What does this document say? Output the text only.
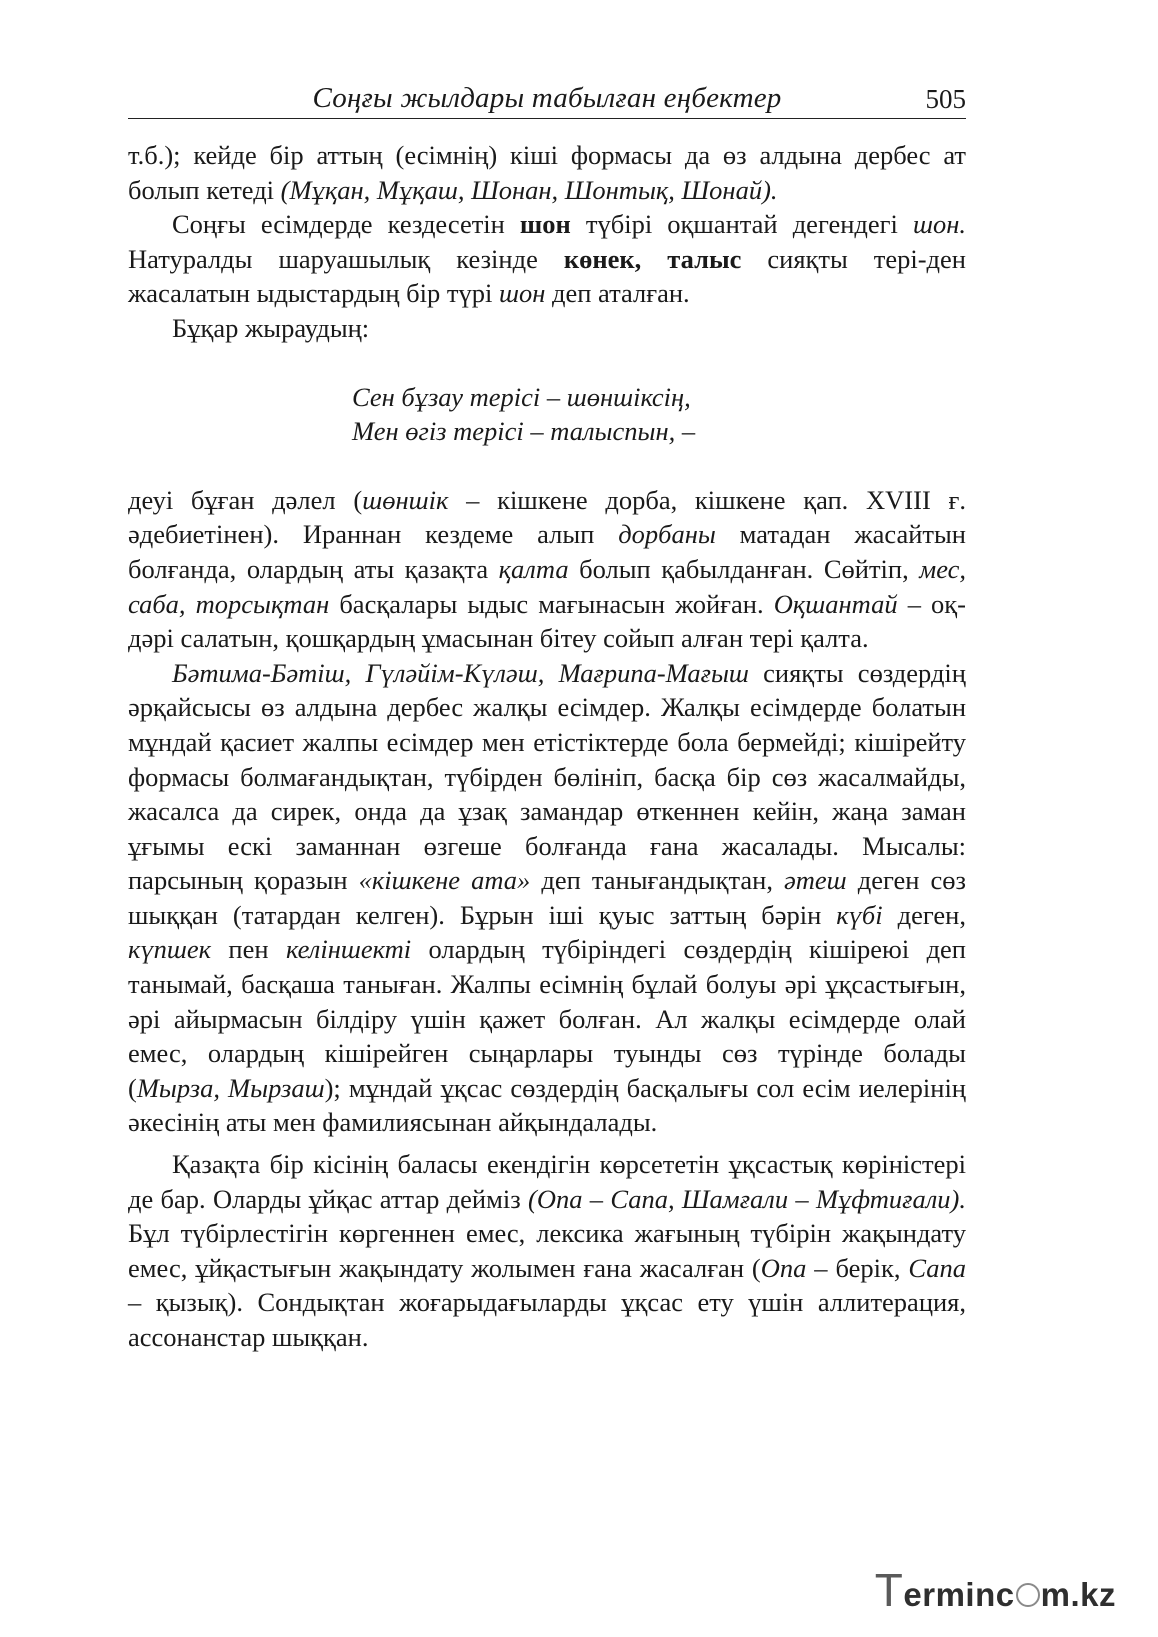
Соңғы жылдары табылған еңбектер	505

т.б.); кейде бір аттың (есімнің) кіші формасы да өз алдына дербес ат болып кетеді (Мұқан, Мұқаш, Шонан, Шонтық, Шонай).

Соңғы есімдерде кездесетін шон түбірі оқшантай дегендегі шон. Натуралды шаруашылық кезінде көнек, талыс сияқты тері-ден жасалатын ыдыстардың бір түрі шон деп аталған.

Бұқар жыраудың:

Сен бұзау терісі – шөншіксің,
Мен өгіз терісі – талыспын, –

деуі бұған дәлел (шөншік – кішкене дорба, кішкене қап. XVIII ғ. әдебиетінен). Ираннан кездеме алып дорбаны матадан жасайтын болғанда, олардың аты қазақта қалта болып қабылданған. Сөйтіп, мес, саба, торсықтан басқалары ыдыс мағынасын жойған. Оқшантай – оқ-дәрі салатын, қошқардың ұмасынан бітеу сойып алған тері қалта.

Бәтима-Бәтіш, Гүләйім-Күләш, Мағрипа-Мағыш сияқты сөздердің әрқайсысы өз алдына дербес жалқы есімдер. Жалқы есімдерде болатын мұндай қасиет жалпы есімдер мен етістіктерде бола бермейді; кішірейту формасы болмағандықтан, түбірден бөлініп, басқа бір сөз жасалмайды, жасалса да сирек, онда да ұзақ замандар өткеннен кейін, жаңа заман ұғымы ескі заманнан өзгеше болғанда ғана жасалады. Мысалы: парсының қоразын «кішкене ата» деп танығандықтан, әтеш деген сөз шыққан (татардан келген). Бұрын іші қуыс заттың бәрін күбі деген, күпшек пен келіншекті олардың түбіріндегі сөздердің кішіреюі деп танымай, басқаша таныған. Жалпы есімнің бұлай болуы әрі ұқсастығын, әрі айырмасын білдіру үшін қажет болған. Ал жалқы есімдерде олай емес, олардың кішірейген сыңарлары туынды сөз түрінде болады (Мырза, Мырзаш); мұндай ұқсас сөздердің басқалығы сол есім иелерінің әкесінің аты мен фамилиясынан айқындалады.

Қазақта бір кісінің баласы екендігін көрсететін ұқсастық көріністері де бар. Оларды ұйқас аттар дейміз (Опа – Сапа, Шамғали – Мұфтиғали). Бұл түбірлестігін көргеннен емес, лексика жағының түбірін жақындату емес, ұйқастығын жақындату жолымен ғана жасалған (Опа – берік, Сапа – қызық). Сондықтан жоғарыдағыларды ұқсас ету үшін аллитерация, ассонанстар шыққан.

Terminc m.kz
